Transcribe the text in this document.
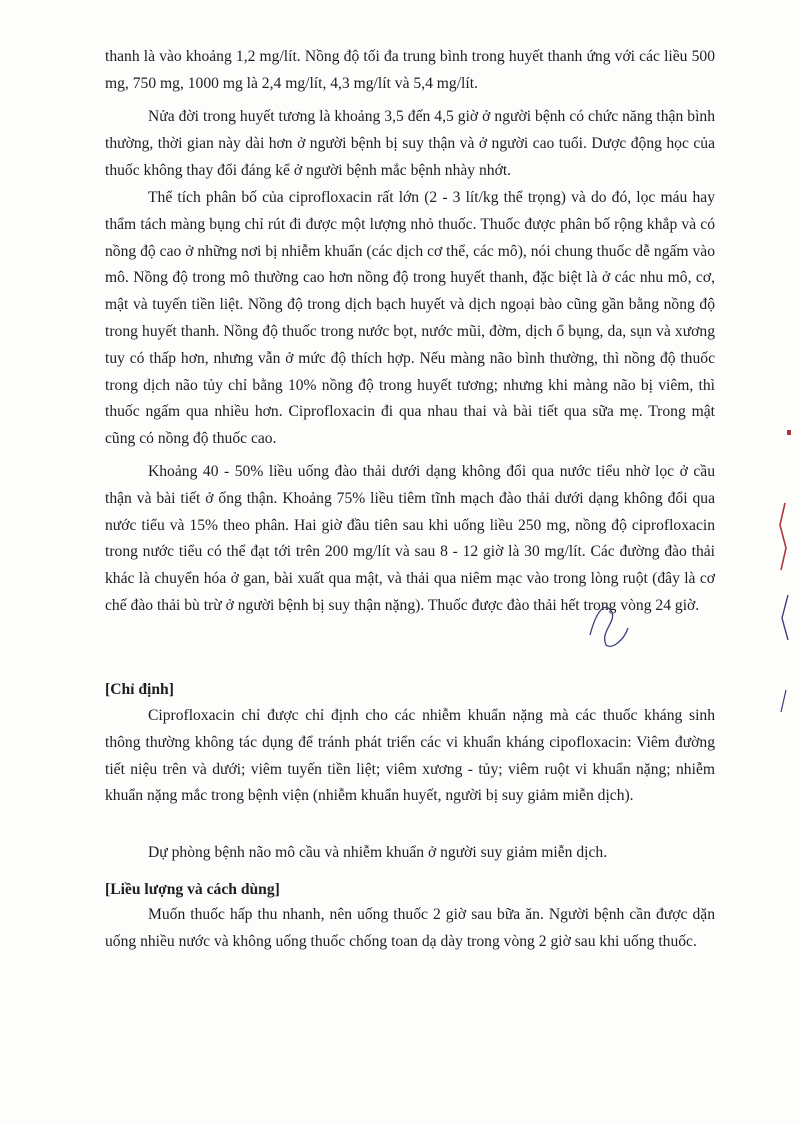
thanh là vào khoảng 1,2 mg/lít. Nồng độ tối đa trung bình trong huyết thanh ứng với các liều 500 mg, 750 mg, 1000 mg là 2,4 mg/lít, 4,3 mg/lít và 5,4 mg/lít.

Nửa đời trong huyết tương là khoảng 3,5 đến 4,5 giờ ở người bệnh có chức năng thận bình thường, thời gian này dài hơn ở người bệnh bị suy thận và ở người cao tuổi. Dược động học của thuốc không thay đổi đáng kể ở người bệnh mắc bệnh nhày nhớt.

Thể tích phân bố của ciprofloxacin rất lớn (2 - 3 lít/kg thể trọng) và do đó, lọc máu hay thẩm tách màng bụng chỉ rút đi được một lượng nhỏ thuốc. Thuốc được phân bố rộng khắp và có nồng độ cao ở những nơi bị nhiễm khuẩn (các dịch cơ thể, các mô), nói chung thuốc dễ ngấm vào mô. Nồng độ trong mô thường cao hơn nồng độ trong huyết thanh, đặc biệt là ở các nhu mô, cơ, mật và tuyến tiền liệt. Nồng độ trong dịch bạch huyết và dịch ngoại bào cũng gần bằng nồng độ trong huyết thanh. Nồng độ thuốc trong nước bọt, nước mũi, đờm, dịch ổ bụng, da, sụn và xương tuy có thấp hơn, nhưng vẫn ở mức độ thích hợp. Nếu màng não bình thường, thì nồng độ thuốc trong dịch não tủy chỉ bằng 10% nồng độ trong huyết tương; nhưng khi màng não bị viêm, thì thuốc ngấm qua nhiều hơn. Ciprofloxacin đi qua nhau thai và bài tiết qua sữa mẹ. Trong mật cũng có nồng độ thuốc cao.

Khoảng 40 - 50% liều uống đào thải dưới dạng không đổi qua nước tiểu nhờ lọc ở cầu thận và bài tiết ở ống thận. Khoảng 75% liều tiêm tĩnh mạch đào thải dưới dạng không đổi qua nước tiểu và 15% theo phân. Hai giờ đầu tiên sau khi uống liều 250 mg, nồng độ ciprofloxacin trong nước tiểu có thể đạt tới trên 200 mg/lít và sau 8 - 12 giờ là 30 mg/lít. Các đường đào thải khác là chuyển hóa ở gan, bài xuất qua mật, và thải qua niêm mạc vào trong lòng ruột (đây là cơ chế đào thải bù trừ ở người bệnh bị suy thận nặng). Thuốc được đào thải hết trong vòng 24 giờ.

[Chỉ định]

Ciprofloxacin chỉ được chỉ định cho các nhiễm khuẩn nặng mà các thuốc kháng sinh thông thường không tác dụng để tránh phát triển các vi khuẩn kháng cipofloxacin: Viêm đường tiết niệu trên và dưới; viêm tuyến tiền liệt; viêm xương - tủy; viêm ruột vi khuẩn nặng; nhiễm khuẩn nặng mắc trong bệnh viện (nhiễm khuẩn huyết, người bị suy giảm miễn dịch).

Dự phòng bệnh não mô cầu và nhiễm khuẩn ở người suy giảm miễn dịch.

[Liều lượng và cách dùng]

Muốn thuốc hấp thu nhanh, nên uống thuốc 2 giờ sau bữa ăn. Người bệnh cần được dặn uống nhiều nước và không uống thuốc chống toan dạ dày trong vòng 2 giờ sau khi uống thuốc.
